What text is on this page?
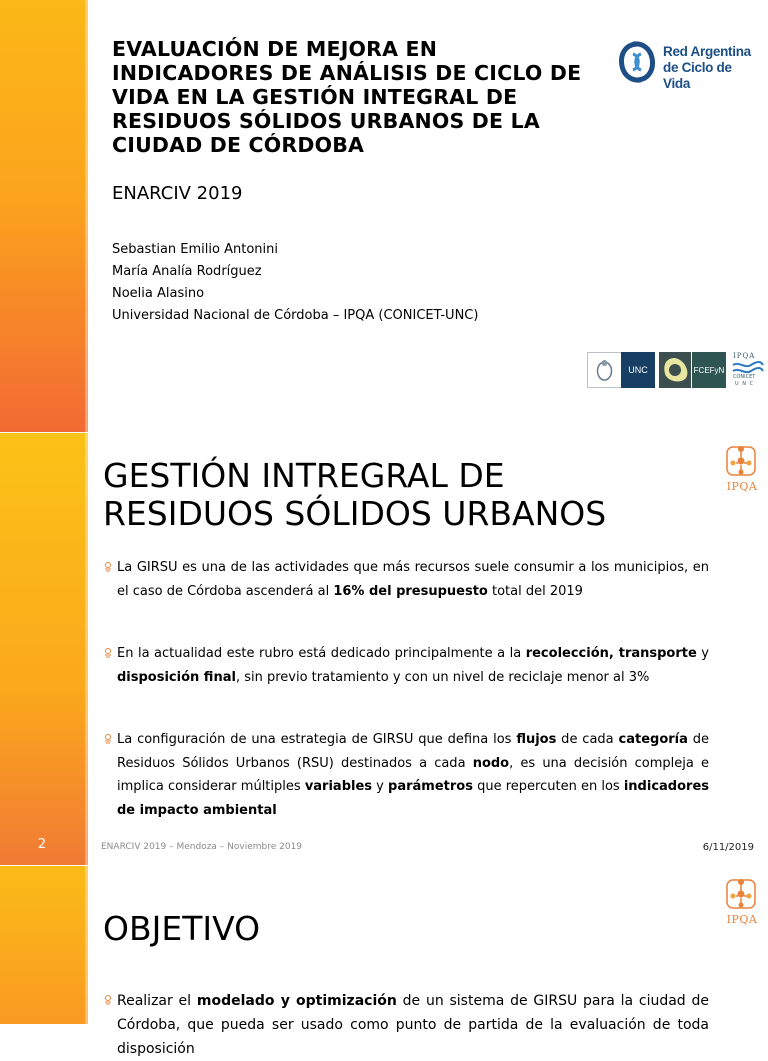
EVALUACIÓN DE MEJORA EN INDICADORES DE ANÁLISIS DE CICLO DE VIDA EN LA GESTIÓN INTEGRAL DE RESIDUOS SÓLIDOS URBANOS DE LA CIUDAD DE CÓRDOBA
ENARCIV 2019
Sebastian Emilio Antonini
María Analía Rodríguez
Noelia Alasino
Universidad Nacional de Córdoba – IPQA (CONICET-UNC)
Red Argentina
de Ciclo de Vida
UNC	FCEFyN
IPQA
CONICET
U N C
IPQA
GESTIÓN INTREGRAL DE
RESIDUOS SÓLIDOS URBANOS
La GIRSU es una de las actividades que más recursos suele consumir a los municipios, en el caso de Córdoba ascenderá al 16% del presupuesto total del 2019
En la actualidad este rubro está dedicado principalmente a la recolección, transporte y disposición final, sin previo tratamiento y con un nivel de reciclaje menor al 3%
La configuración de una estrategia de GIRSU que defina los flujos de cada categoría de Residuos Sólidos Urbanos (RSU) destinados a cada nodo, es una decisión compleja e implica considerar múltiples variables y parámetros que repercuten en los indicadores de impacto ambiental
2	ENARCIV 2019 – Mendoza – Noviembre 2019	6/11/2019
IPQA
OBJETIVO
Realizar el modelado y optimización de un sistema de GIRSU para la ciudad de Córdoba, que pueda ser usado como punto de partida de la evaluación de toda disposición
